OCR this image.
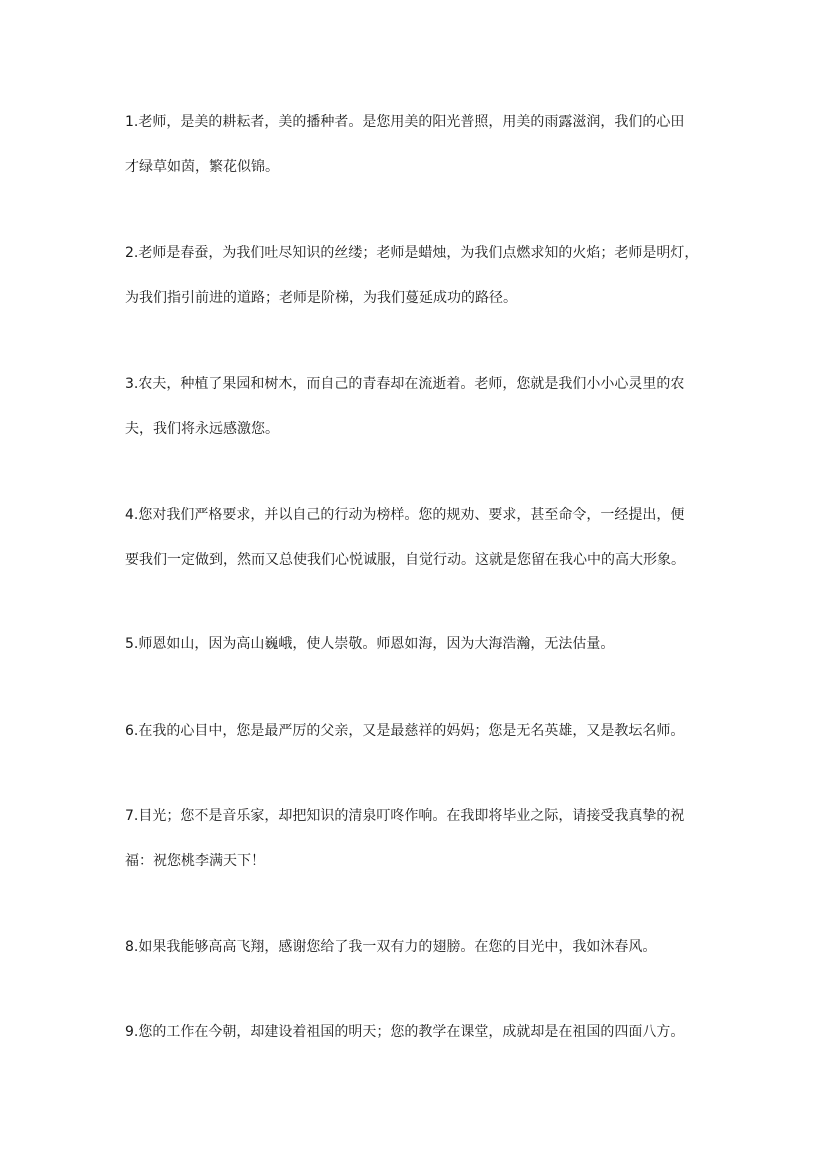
1.老师，是美的耕耘者，美的播种者。是您用美的阳光普照，用美的雨露滋润，我们的心田
才绿草如茵，繁花似锦。
2.老师是春蚕，为我们吐尽知识的丝缕；老师是蜡烛，为我们点燃求知的火焰；老师是明灯，
为我们指引前进的道路；老师是阶梯，为我们蔓延成功的路径。
3.农夫，种植了果园和树木，而自己的青春却在流逝着。老师，您就是我们小小心灵里的农
夫，我们将永远感激您。
4.您对我们严格要求，并以自己的行动为榜样。您的规劝、要求，甚至命令，一经提出，便
要我们一定做到，然而又总使我们心悦诚服，自觉行动。这就是您留在我心中的高大形象。
5.师恩如山，因为高山巍峨，使人崇敬。师恩如海，因为大海浩瀚，无法估量。
6.在我的心目中，您是最严厉的父亲，又是最慈祥的妈妈；您是无名英雄，又是教坛名师。
7.目光；您不是音乐家，却把知识的清泉叮咚作响。在我即将毕业之际，请接受我真挚的祝
福：祝您桃李满天下！
8.如果我能够高高飞翔，感谢您给了我一双有力的翅膀。在您的目光中，我如沐春风。
9.您的工作在今朝，却建设着祖国的明天；您的教学在课堂，成就却是在祖国的四面八方。
